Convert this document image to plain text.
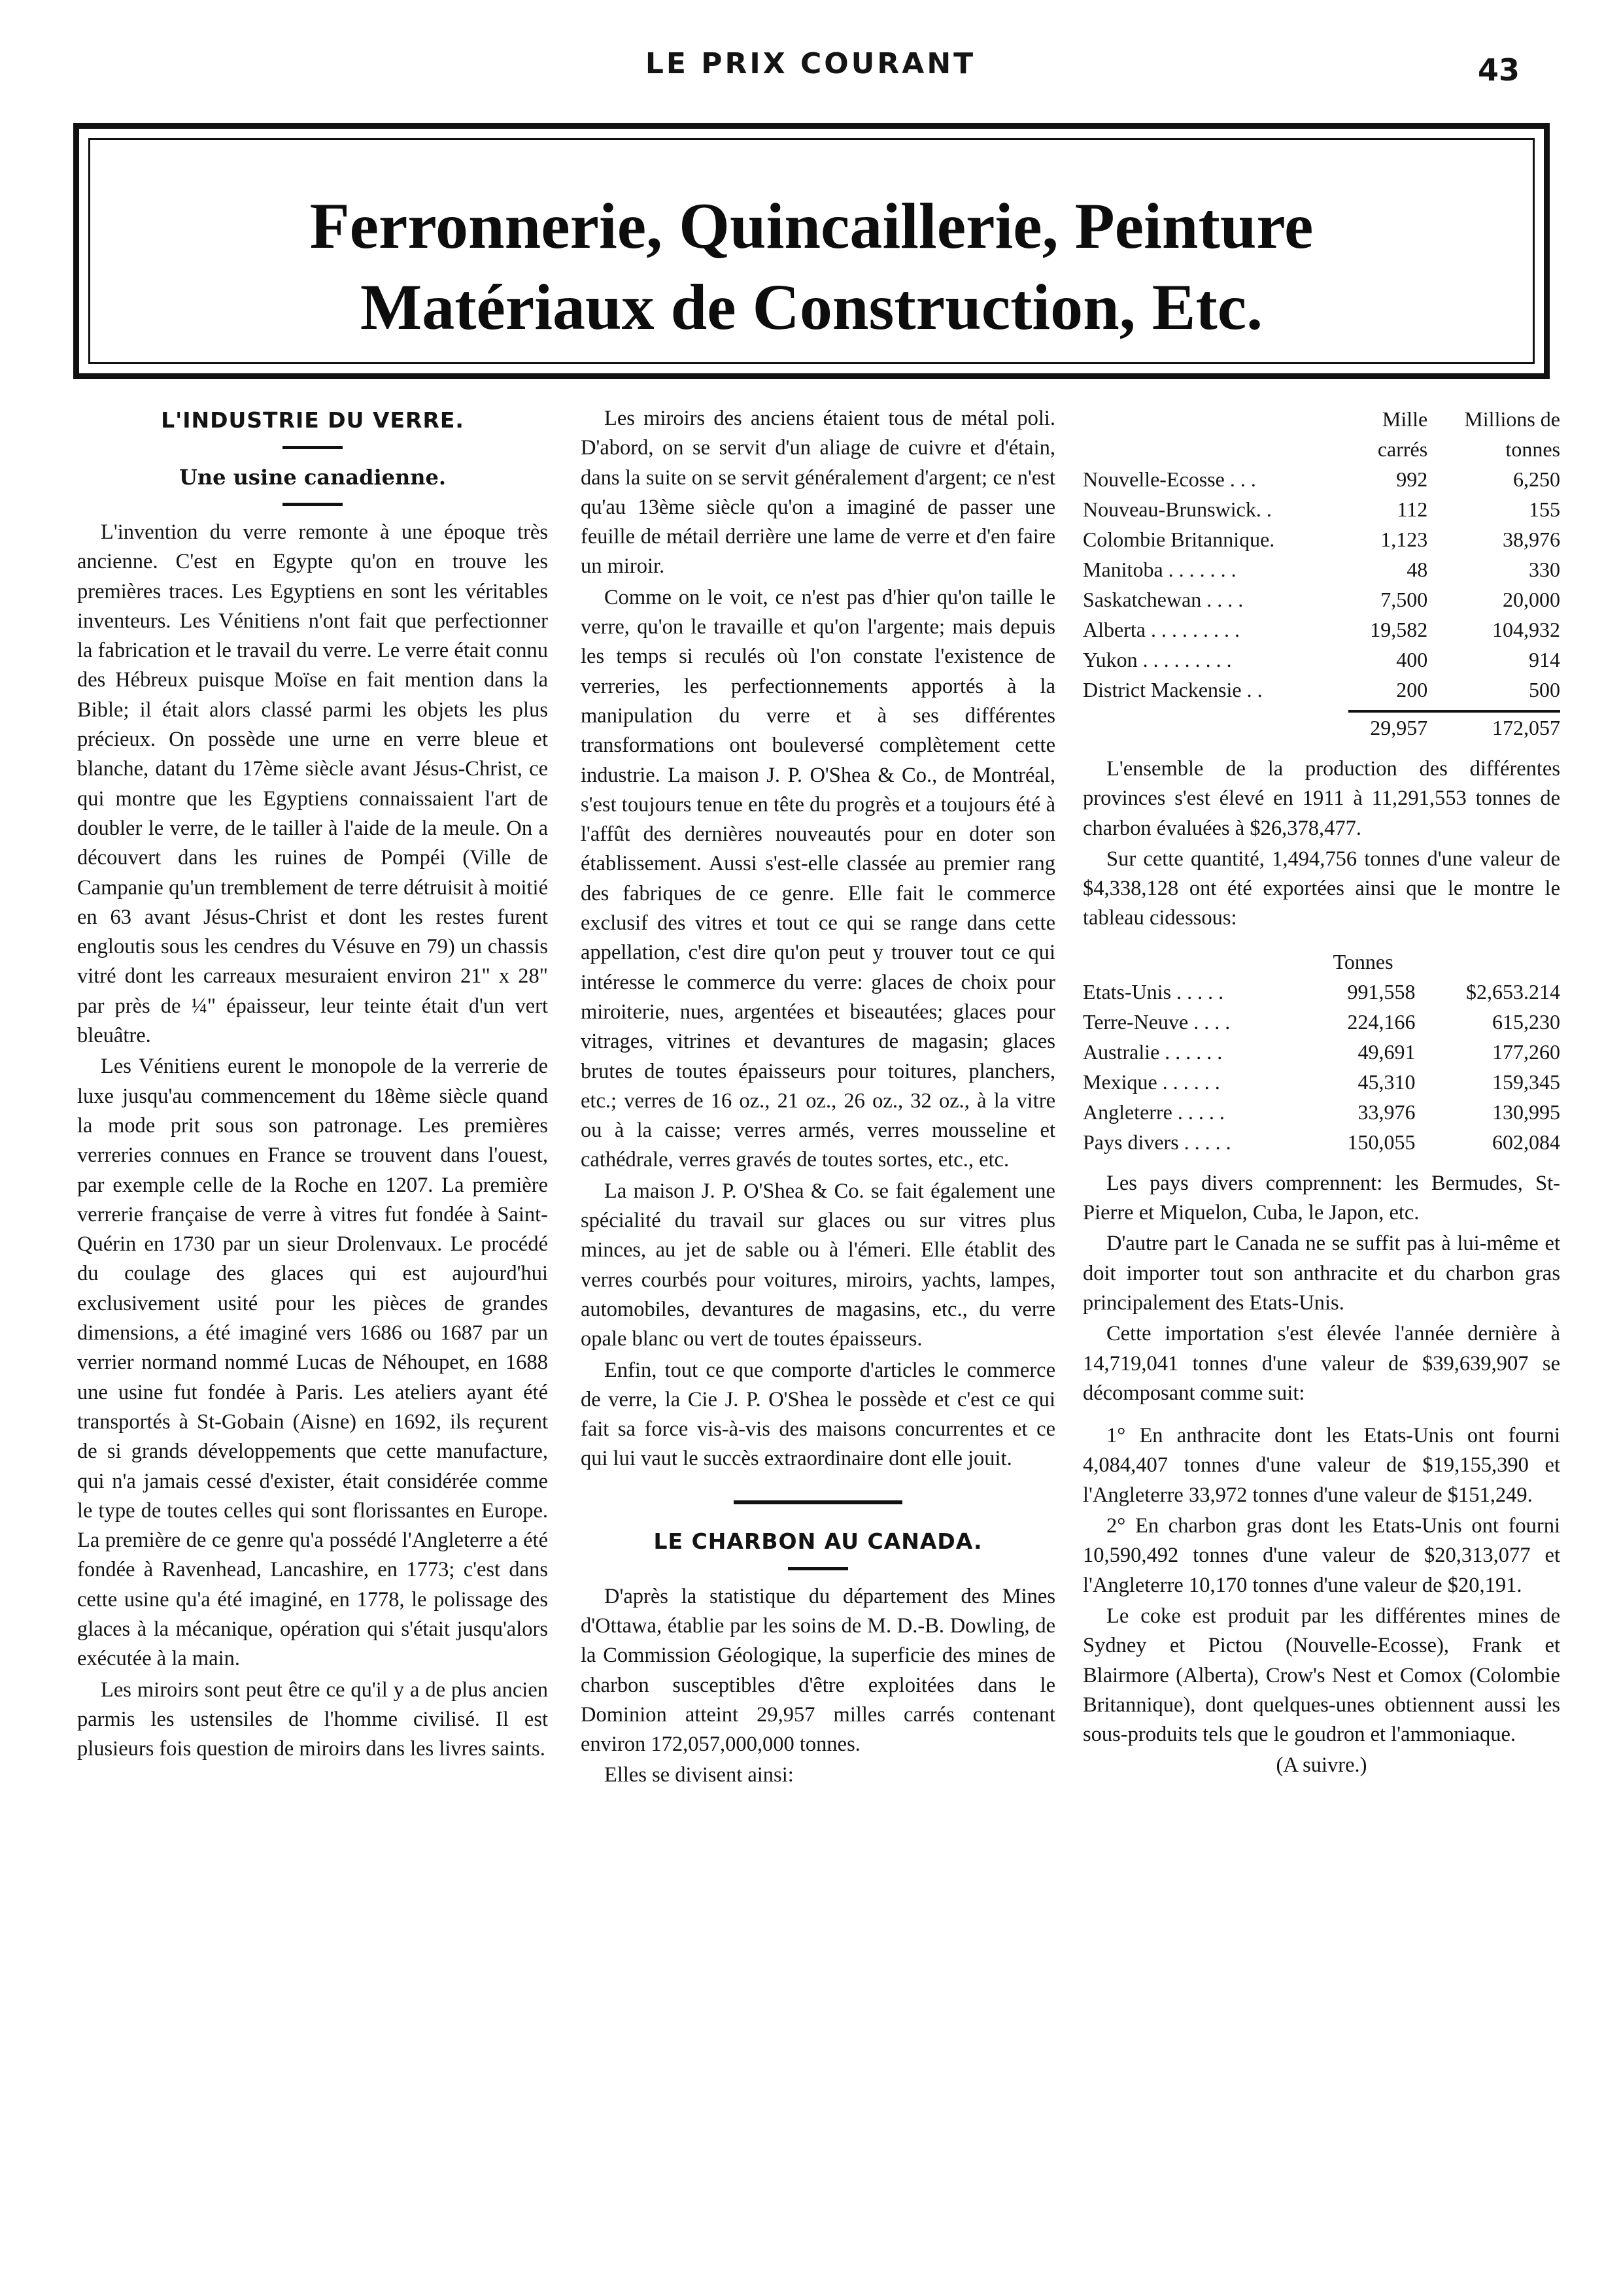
LE PRIX COURANT	43
Ferronnerie, Quincaillerie, Peinture
Matériaux de Construction, Etc.
L'INDUSTRIE DU VERRE.
Une usine canadienne.

L'invention du verre remonte à une époque très ancienne. C'est en Egypte qu'on en trouve les premières traces. Les Egyptiens en sont les véritables inventeurs. Les Vénitiens n'ont fait que perfectionner la fabrication et le travail du verre. Le verre était connu des Hébreux puisque Moïse en fait mention dans la Bible; il était alors classé parmi les objets les plus précieux. On possède une urne en verre bleue et blanche, datant du 17ème siècle avant Jésus-Christ, ce qui montre que les Egyptiens connaissaient l'art de doubler le verre, de le tailler à l'aide de la meule. On a découvert dans les ruines de Pompéi (Ville de Campanie qu'un tremblement de terre détruisit à moitié en 63 avant Jésus-Christ et dont les restes furent engloutis sous les cendres du Vésuve en 79) un chassis vitré dont les carreaux mesuraient environ 21" x 28" par près de ¼" épaisseur, leur teinte était d'un vert bleuâtre.

Les Vénitiens eurent le monopole de la verrerie de luxe jusqu'au commencement du 18ème siècle quand la mode prit sous son patronage. Les premières verreries connues en France se trouvent dans l'ouest, par exemple celle de la Roche en 1207. La première verrerie française de verre à vitres fut fondée à Saint-Quérin en 1730 par un sieur Drolenvaux. Le procédé du coulage des glaces qui est aujourd'hui exclusivement usité pour les pièces de grandes dimensions, a été imaginé vers 1686 ou 1687 par un verrier normand nommé Lucas de Néhoupet, en 1688 une usine fut fondée à Paris. Les ateliers ayant été transportés à St-Gobain (Aisne) en 1692, ils reçurent de si grands développements que cette manufacture, qui n'a jamais cessé d'exister, était considérée comme le type de toutes celles qui sont florissantes en Europe. La première de ce genre qu'a possédé l'Angleterre a été fondée à Ravenhead, Lancashire, en 1773; c'est dans cette usine qu'a été imaginé, en 1778, le polissage des glaces à la mécanique, opération qui s'était jusqu'alors exécutée à la main.

Les miroirs sont peut être ce qu'il y a de plus ancien parmis les ustensiles de l'homme civilisé. Il est plusieurs fois question de miroirs dans les livres saints.

Les miroirs des anciens étaient tous de métal poli. D'abord, on se servit d'un aliage de cuivre et d'étain, dans la suite on se servit généralement d'argent; ce n'est qu'au 13ème siècle qu'on a imaginé de passer une feuille de métail derrière une lame de verre et d'en faire un miroir.

Comme on le voit, ce n'est pas d'hier qu'on taille le verre, qu'on le travaille et qu'on l'argente; mais depuis les temps si reculés où l'on constate l'existence de verreries, les perfectionnements apportés à la manipulation du verre et à ses différentes transformations ont bouleversé complètement cette industrie. La maison J. P. O'Shea & Co., de Montréal, s'est toujours tenue en tête du progrès et a toujours été à l'affût des dernières nouveautés pour en doter son établissement. Aussi s'est-elle classée au premier rang des fabriques de ce genre. Elle fait le commerce exclusif des vitres et tout ce qui se range dans cette appellation, c'est dire qu'on peut y trouver tout ce qui intéresse le commerce du verre: glaces de choix pour miroiterie, nues, argentées et biseautées; glaces pour vitrages, vitrines et devantures de magasin; glaces brutes de toutes épaisseurs pour toitures, planchers, etc.; verres de 16 oz., 21 oz., 26 oz., 32 oz., à la vitre ou à la caisse; verres armés, verres mousseline et cathédrale, verres gravés de toutes sortes, etc., etc.

La maison J. P. O'Shea & Co. se fait également une spécialité du travail sur glaces ou sur vitres plus minces, au jet de sable ou à l'émeri. Elle établit des verres courbés pour voitures, miroirs, yachts, lampes, automobiles, devantures de magasins, etc., du verre opale blanc ou vert de toutes épaisseurs.

Enfin, tout ce que comporte d'articles le commerce de verre, la Cie J. P. O'Shea le possède et c'est ce qui fait sa force vis-à-vis des maisons concurrentes et ce qui lui vaut le succès extraordinaire dont elle jouit.

LE CHARBON AU CANADA.

D'après la statistique du département des Mines d'Ottawa, établie par les soins de M. D.-B. Dowling, de la Commission Géologique, la superficie des mines de charbon susceptibles d'être exploitées dans le Dominion atteint 29,957 milles carrés contenant environ 172,057,000,000 tonnes.

Elles se divisent ainsi:

	Mille	Millions de
	carrés	tonnes
Nouvelle-Ecosse . . .	992	6,250
Nouveau-Brunswick. .	112	155
Colombie Britannique.	1,123	38,976
Manitoba . . . . . . .	48	330
Saskatchewan . . . .	7,500	20,000
Alberta . . . . . . . . .	19,582	104,932
Yukon . . . . . . . . .	400	914
District Mackensie . .	200	500

	29,957	172,057

L'ensemble de la production des différentes provinces s'est élevé en 1911 à 11,291,553 tonnes de charbon évaluées à $26,378,477.

Sur cette quantité, 1,494,756 tonnes d'une valeur de $4,338,128 ont été exportées ainsi que le montre le tableau cidessous:

	Tonnes	
Etats-Unis . . . . .	991,558	$2,653.214
Terre-Neuve . . . .	224,166	615,230
Australie . . . . . .	49,691	177,260
Mexique . . . . . .	45,310	159,345
Angleterre . . . . .	33,976	130,995
Pays divers . . . . .	150,055	602,084

Les pays divers comprennent: les Bermudes, St-Pierre et Miquelon, Cuba, le Japon, etc.

D'autre part le Canada ne se suffit pas à lui-même et doit importer tout son anthracite et du charbon gras principalement des Etats-Unis.

Cette importation s'est élevée l'année dernière à 14,719,041 tonnes d'une valeur de $39,639,907 se décomposant comme suit:

1° En anthracite dont les Etats-Unis ont fourni 4,084,407 tonnes d'une valeur de $19,155,390 et l'Angleterre 33,972 tonnes d'une valeur de $151,249.

2° En charbon gras dont les Etats-Unis ont fourni 10,590,492 tonnes d'une valeur de $20,313,077 et l'Angleterre 10,170 tonnes d'une valeur de $20,191.

Le coke est produit par les différentes mines de Sydney et Pictou (Nouvelle-Ecosse), Frank et Blairmore (Alberta), Crow's Nest et Comox (Colombie Britannique), dont quelques-unes obtiennent aussi les sous-produits tels que le goudron et l'ammoniaque.

(A suivre.)
